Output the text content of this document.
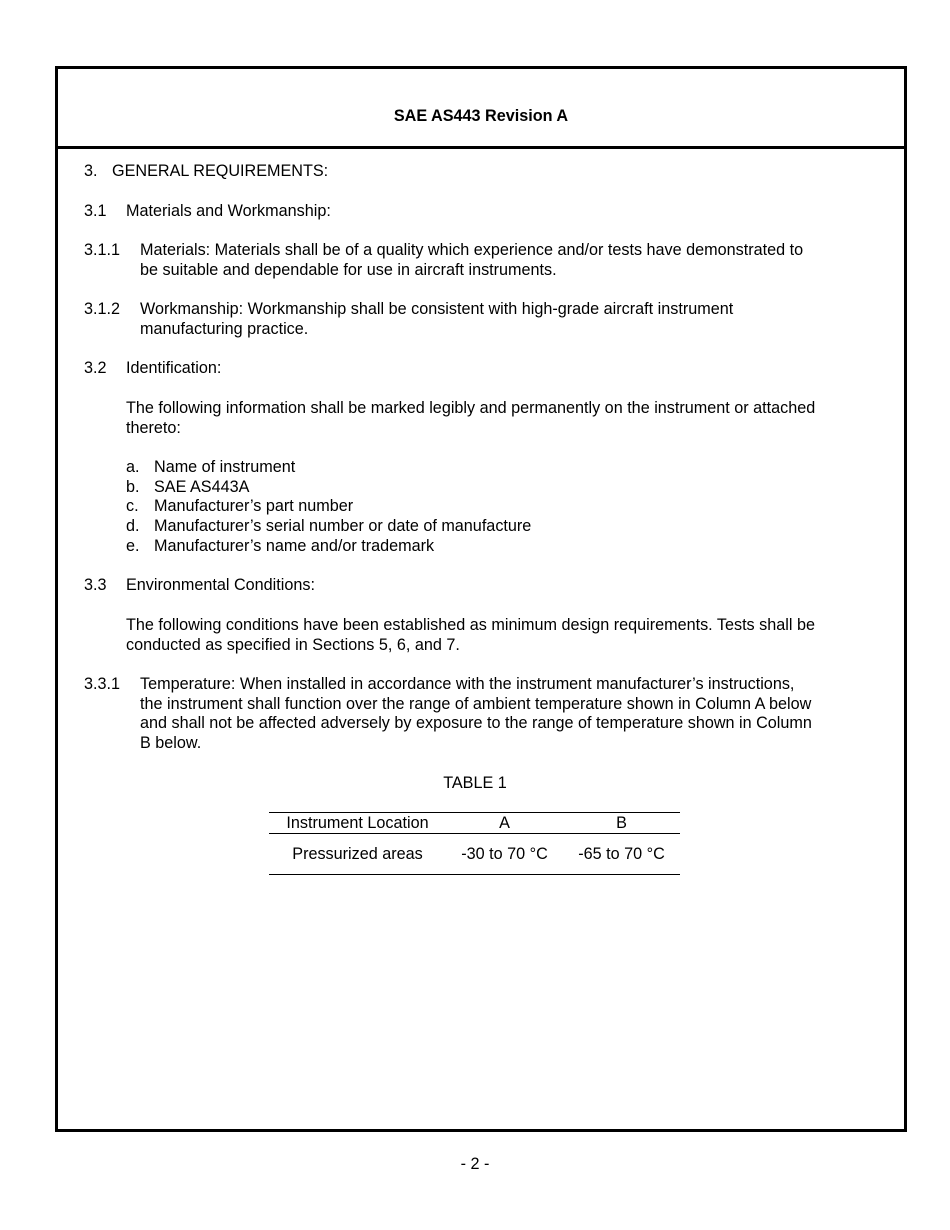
SAE AS443 Revision A
3. GENERAL REQUIREMENTS:
3.1 Materials and Workmanship:
3.1.1 Materials: Materials shall be of a quality which experience and/or tests have demonstrated to
be suitable and dependable for use in aircraft instruments.
3.1.2 Workmanship: Workmanship shall be consistent with high-grade aircraft instrument
manufacturing practice.
3.2 Identification:
The following information shall be marked legibly and permanently on the instrument or attached
thereto:
a. Name of instrument
b. SAE AS443A
c. Manufacturer’s part number
d. Manufacturer’s serial number or date of manufacture
e. Manufacturer’s name and/or trademark
3.3 Environmental Conditions:
The following conditions have been established as minimum design requirements. Tests shall be
conducted as specified in Sections 5, 6, and 7.
3.3.1 Temperature: When installed in accordance with the instrument manufacturer’s instructions,
the instrument shall function over the range of ambient temperature shown in Column A below
and shall not be affected adversely by exposure to the range of temperature shown in Column
B below.
TABLE 1
Instrument Location	A	B
Pressurized areas	-30 to 70 °C	-65 to 70 °C
- 2 -
